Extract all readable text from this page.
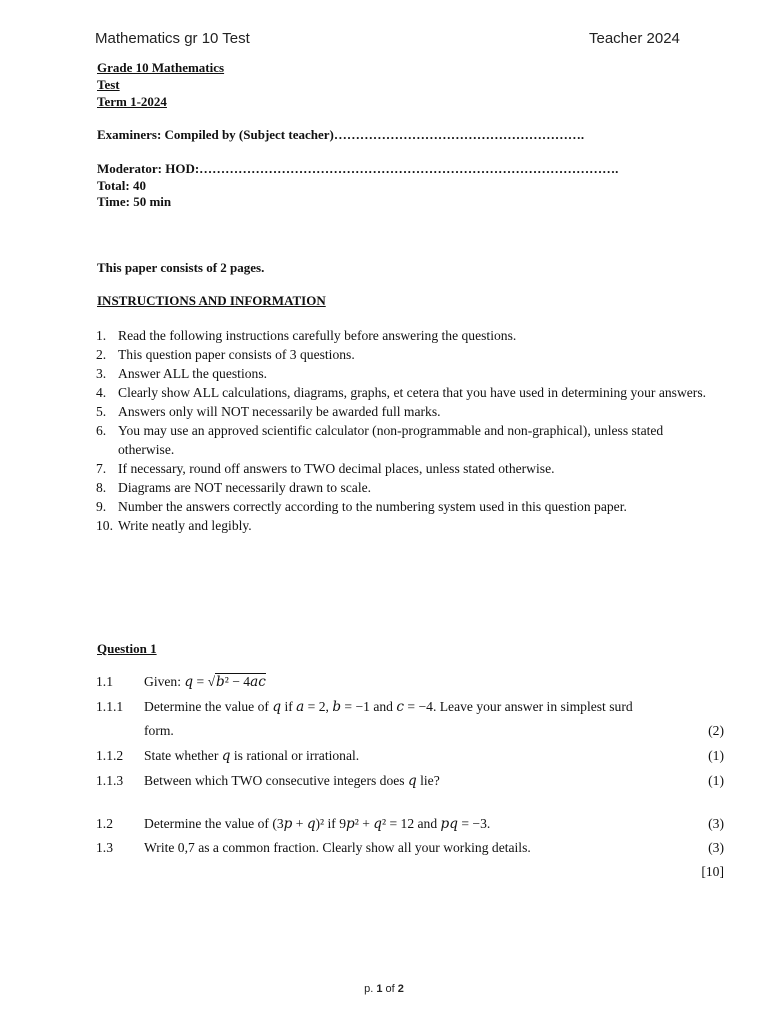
Mathematics gr 10 Test	Teacher 2024
Grade 10 Mathematics
Test
Term 1-2024
Examiners: Compiled by (Subject teacher)………………………………………………….
Moderator: HOD:…………………………………………………………………………………….
Total: 40
Time: 50 min
This paper consists of 2 pages.
INSTRUCTIONS AND INFORMATION
1. Read the following instructions carefully before answering the questions.
2. This question paper consists of 3 questions.
3. Answer ALL the questions.
4. Clearly show ALL calculations, diagrams, graphs, et cetera that you have used in determining your answers.
5. Answers only will NOT necessarily be awarded full marks.
6. You may use an approved scientific calculator (non-programmable and non-graphical), unless stated otherwise.
7. If necessary, round off answers to TWO decimal places, unless stated otherwise.
8. Diagrams are NOT necessarily drawn to scale.
9. Number the answers correctly according to the numbering system used in this question paper.
10. Write neatly and legibly.
Question 1
1.1 Given: q = √b² − 4ac
1.1.1 Determine the value of q if a = 2, b = −1 and c = −4. Leave your answer in simplest surd
form.	(2)
1.1.2 State whether q is rational or irrational.	(1)
1.1.3 Between which TWO consecutive integers does q lie?	(1)
1.2 Determine the value of (3p + q)² if 9p² + q² = 12 and pq = −3.	(3)
1.3 Write 0,7 as a common fraction. Clearly show all your working details.	(3)
[10]
p. 1 of 2
